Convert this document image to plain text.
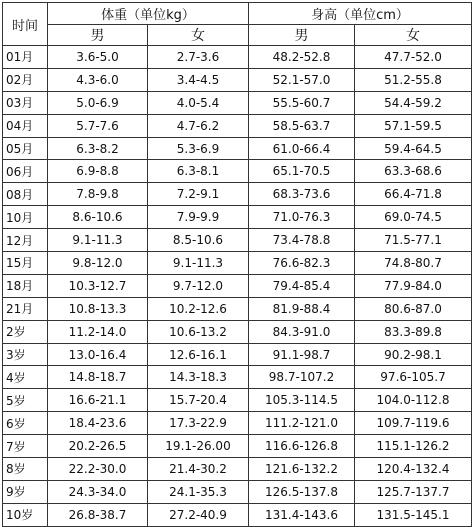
时间	体重（单位kg）		身高（单位cm）	
	男	女	男	女
01月	3.6-5.0	2.7-3.6	48.2-52.8	47.7-52.0
02月	4.3-6.0	3.4-4.5	52.1-57.0	51.2-55.8
03月	5.0-6.9	4.0-5.4	55.5-60.7	54.4-59.2
04月	5.7-7.6	4.7-6.2	58.5-63.7	57.1-59.5
05月	6.3-8.2	5.3-6.9	61.0-66.4	59.4-64.5
06月	6.9-8.8	6.3-8.1	65.1-70.5	63.3-68.6
08月	7.8-9.8	7.2-9.1	68.3-73.6	66.4-71.8
10月	8.6-10.6	7.9-9.9	71.0-76.3	69.0-74.5
12月	9.1-11.3	8.5-10.6	73.4-78.8	71.5-77.1
15月	9.8-12.0	9.1-11.3	76.6-82.3	74.8-80.7
18月	10.3-12.7	9.7-12.0	79.4-85.4	77.9-84.0
21月	10.8-13.3	10.2-12.6	81.9-88.4	80.6-87.0
2岁	11.2-14.0	10.6-13.2	84.3-91.0	83.3-89.8
3岁	13.0-16.4	12.6-16.1	91.1-98.7	90.2-98.1
4岁	14.8-18.7	14.3-18.3	98.7-107.2	97.6-105.7
5岁	16.6-21.1	15.7-20.4	105.3-114.5	104.0-112.8
6岁	18.4-23.6	17.3-22.9	111.2-121.0	109.7-119.6
7岁	20.2-26.5	19.1-26.00	116.6-126.8	115.1-126.2
8岁	22.2-30.0	21.4-30.2	121.6-132.2	120.4-132.4
9岁	24.3-34.0	24.1-35.3	126.5-137.8	125.7-137.7
10岁	26.8-38.7	27.2-40.9	131.4-143.6	131.5-145.1
